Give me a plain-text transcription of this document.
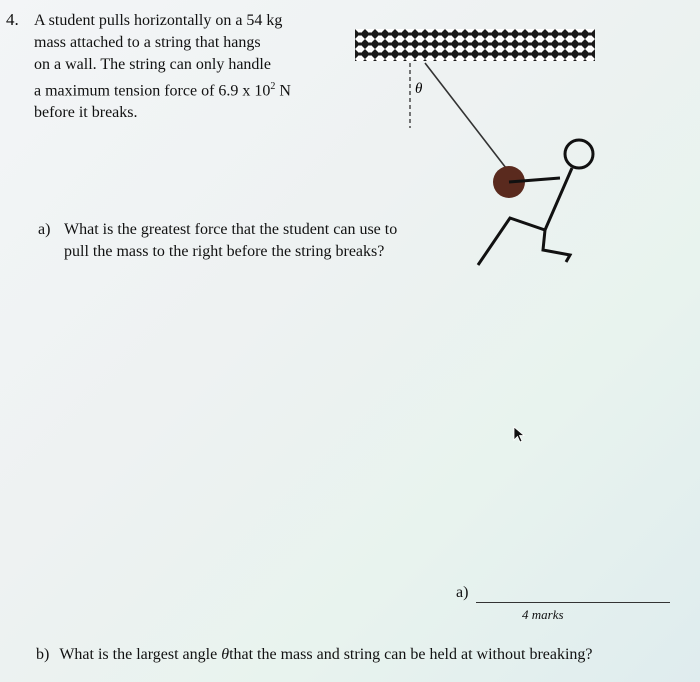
4. A student pulls horizontally on a 54 kg
mass attached to a string that hangs
on a wall. The string can only handle
a maximum tension force of 6.9 x $10^2$ N
before it breaks.
θ
a) What is the greatest force that the student can use to
pull the mass to the right before the string breaks?
a)
4 marks
b) What is the largest angle θthat the mass and string can be held at without breaking?
